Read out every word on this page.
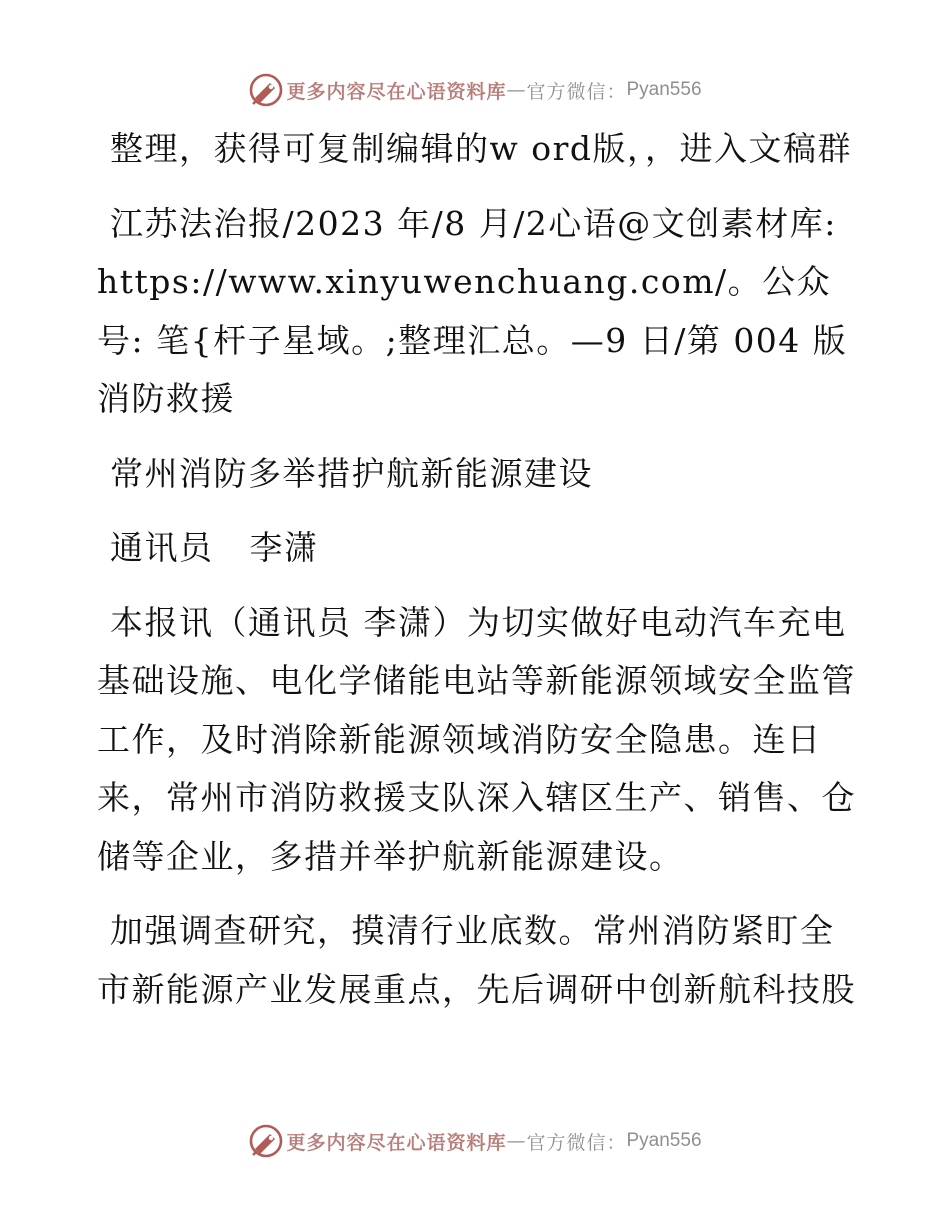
更多内容尽在心语资料库 — 官方微信： Pyan556

整理，获得可复制编辑的w ord版，，进入文稿群

江苏法治报/2023 年/8 月/2心语@文创素材库: https://www.xinyuwenchuang.com/。公众号: 笔{杆子星域。;整理汇总。—9 日/第 004 版消防救援

常州消防多举措护航新能源建设

通讯员   李潇

本报讯（通讯员 李潇）为切实做好电动汽车充电基础设施、电化学储能电站等新能源领域安全监管工作，及时消除新能源领域消防安全隐患。连日来，常州市消防救援支队深入辖区生产、销售、仓储等企业，多措并举护航新能源建设。

加强调查研究，摸清行业底数。常州消防紧盯全市新能源产业发展重点，先后调研中创新航科技股

更多内容尽在心语资料库 — 官方微信： Pyan556
